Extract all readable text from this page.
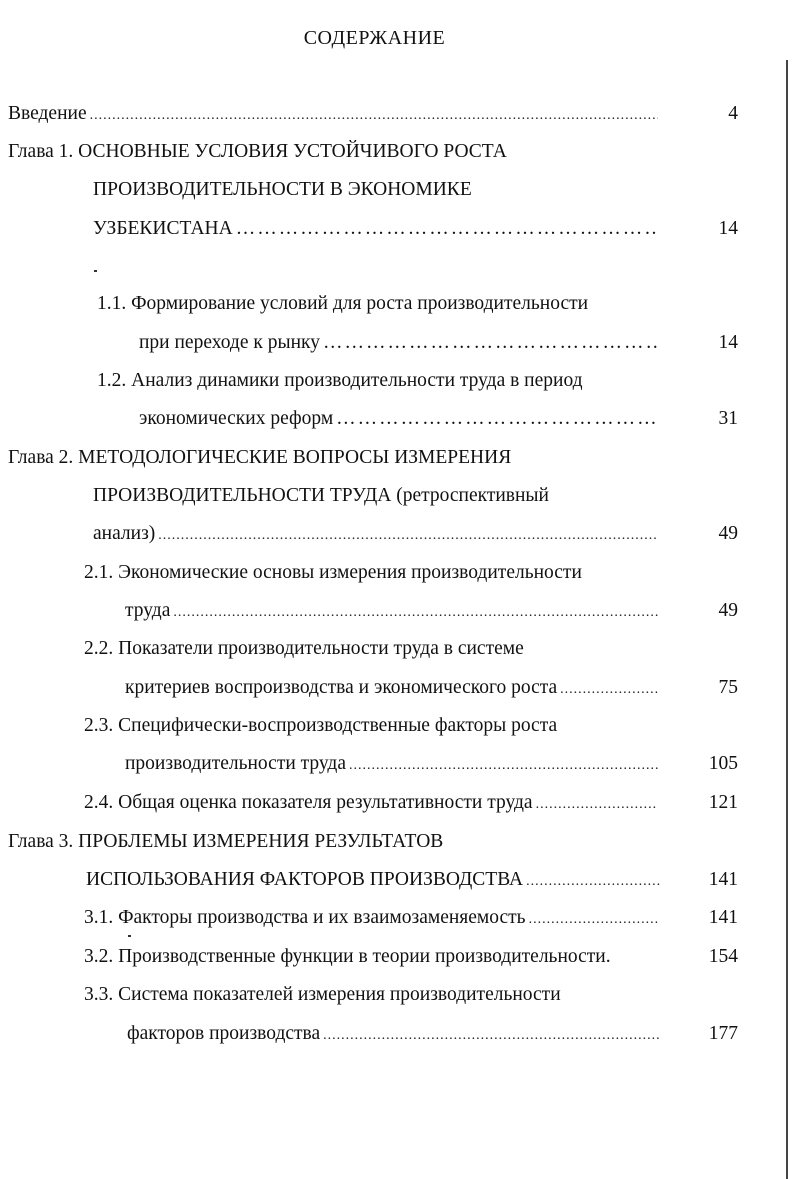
СОДЕРЖАНИЕ
Введение .....	4
Глава 1. ОСНОВНЫЕ УСЛОВИЯ УСТОЙЧИВОГО РОСТА
ПРОИЗВОДИТЕЛЬНОСТИ В ЭКОНОМИКЕ
УЗБЕКИСТАНА ………………………………………………………………………………………………………………………………………………………	14
1.1. Формирование условий для роста производительности
при переходе к рынку ………………………………………………………………………………………………………………………………………………………	14
1.2. Анализ динамики производительности труда в период
экономических реформ ………………………………………………………………………………………………………………………………………………………	31
Глава 2. МЕТОДОЛОГИЧЕСКИЕ ВОПРОСЫ ИЗМЕРЕНИЯ
ПРОИЗВОДИТЕЛЬНОСТИ ТРУДА (ретроспективный
анализ) .....	49
2.1. Экономические основы измерения производительности
труда .....	49
2.2. Показатели производительности труда в системе
критериев воспроизводства и экономического роста .....	75
2.3. Специфически-воспроизводственные факторы роста
производительности труда .....	105
2.4. Общая оценка показателя результативности труда .....	121
Глава 3. ПРОБЛЕМЫ ИЗМЕРЕНИЯ РЕЗУЛЬТАТОВ
ИСПОЛЬЗОВАНИЯ ФАКТОРОВ ПРОИЗВОДСТВА .....	141
3.1. Факторы производства и их взаимозаменяемость .....	141
3.2. Производственные функции в теории производительности.	154
3.3. Система показателей измерения производительности
факторов производства .....	177
